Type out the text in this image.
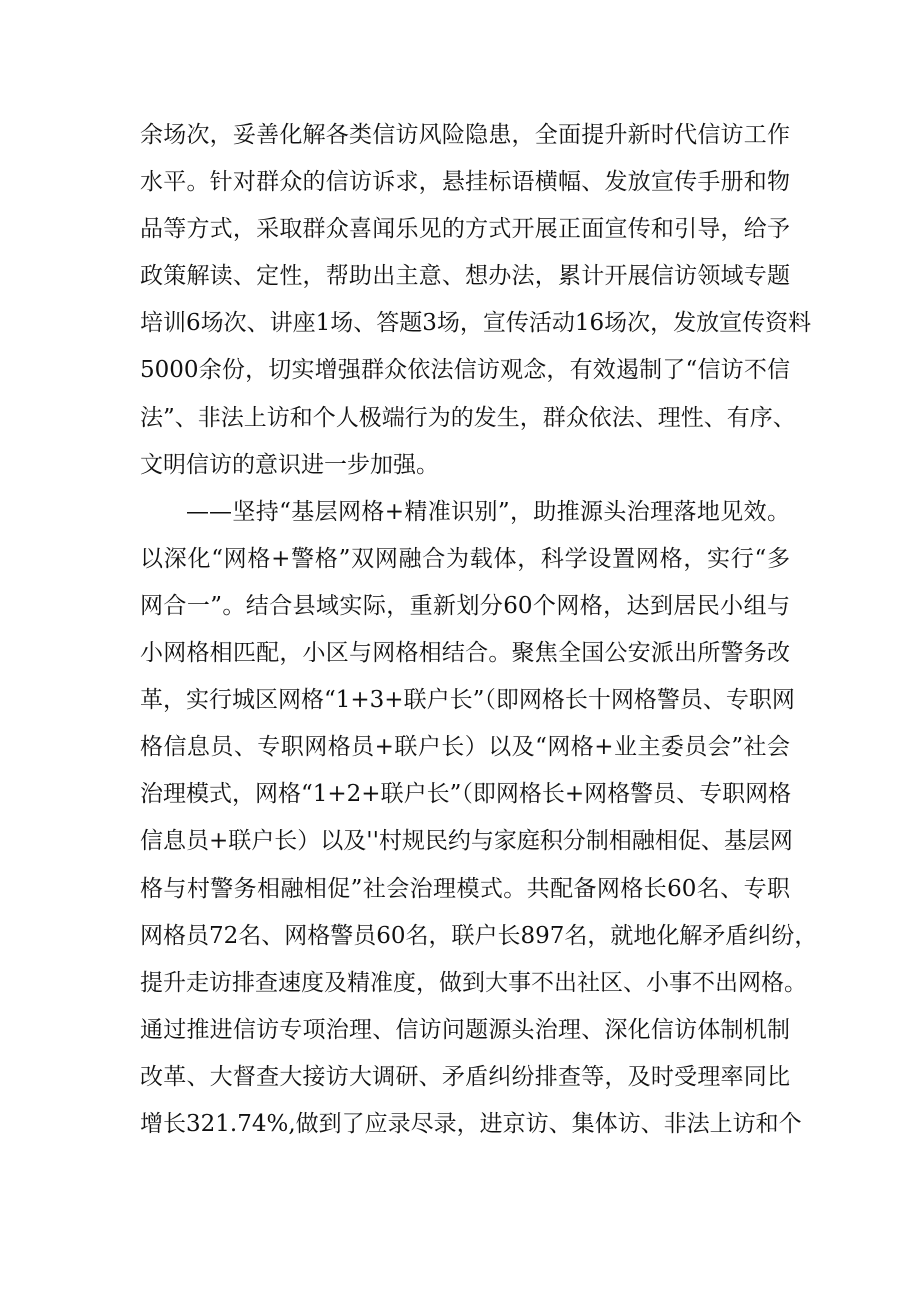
余场次，妥善化解各类信访风险隐患，全面提升新时代信访工作
水平。针对群众的信访诉求，悬挂标语横幅、发放宣传手册和物
品等方式，采取群众喜闻乐见的方式开展正面宣传和引导，给予
政策解读、定性，帮助出主意、想办法，累计开展信访领域专题
培训6场次、讲座1场、答题3场，宣传活动16场次，发放宣传资料
5000余份，切实增强群众依法信访观念，有效遏制了“信访不信
法”、非法上访和个人极端行为的发生，群众依法、理性、有序、
文明信访的意识进一步加强。
——坚持“基层网格+精准识别”，助推源头治理落地见效。
以深化“网格+警格”双网融合为载体，科学设置网格，实行“多
网合一”。结合县域实际，重新划分60个网格，达到居民小组与
小网格相匹配，小区与网格相结合。聚焦全国公安派出所警务改
革，实行城区网格“1+3+联户长”（即网格长十网格警员、专职网
格信息员、专职网格员+联户长）以及“网格+业主委员会”社会
治理模式，网格“1+2+联户长”（即网格长+网格警员、专职网格
信息员+联户长）以及''村规民约与家庭积分制相融相促、基层网
格与村警务相融相促”社会治理模式。共配备网格长60名、专职
网格员72名、网格警员60名，联户长897名，就地化解矛盾纠纷，
提升走访排查速度及精准度，做到大事不出社区、小事不出网格。
通过推进信访专项治理、信访问题源头治理、深化信访体制机制
改革、大督查大接访大调研、矛盾纠纷排查等，及时受理率同比
增长321.74%,做到了应录尽录，进京访、集体访、非法上访和个
